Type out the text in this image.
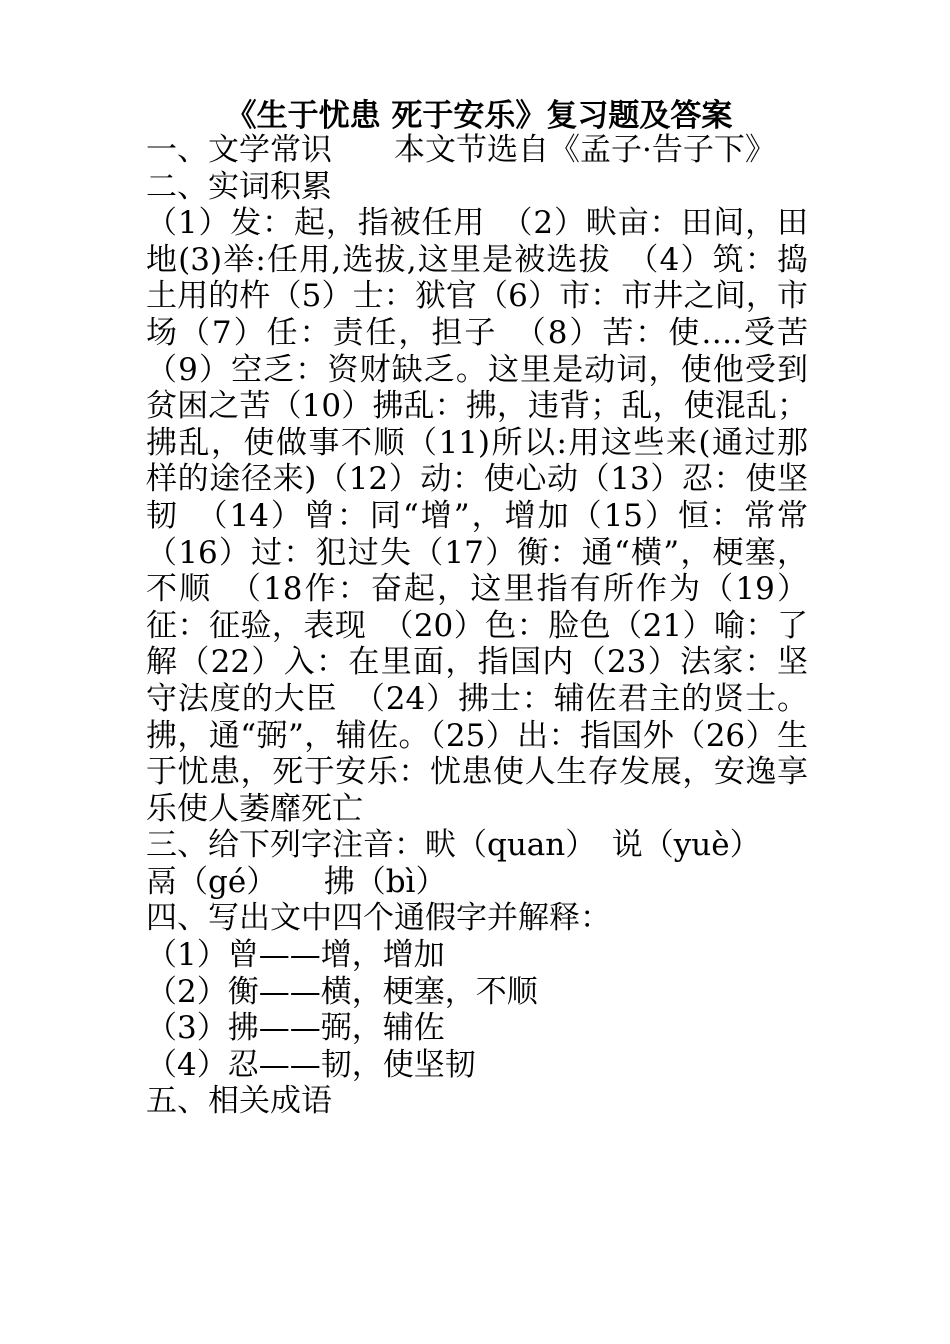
《生于忧患 死于安乐》复习题及答案

一、文学常识　　本文节选自《孟子·告子下》

二、实词积累

（1）发：起，指被任用　（2）畎亩：田间，田地(3)举:任用,选拔,这里是被选拔　（4）筑：捣土用的杵（5）士：狱官（6）市：市井之间，市场（7）任：责任，担子　（8）苦：使….受苦（9）空乏：资财缺乏。这里是动词，使他受到贫困之苦（10）拂乱：拂，违背；乱，使混乱；拂乱，使做事不顺（11)所以:用这些来(通过那样的途径来)（12）动：使心动（13）忍：使坚韧　（14）曾：同“增”，增加（15）恒：常常　（16）过：犯过失（17）衡：通“横”，梗塞，不顺　（18作：奋起，这里指有所作为（19）征：征验，表现　（20）色：脸色（21）喻：了解（22）入：在里面，指国内（23）法家：坚守法度的大臣　（24）拂士：辅佐君主的贤士。拂，通“弼”，辅佐。（25）出：指国外（26）生于忧患，死于安乐：忧患使人生存发展，安逸享乐使人萎靡死亡

三、给下列字注音：畎（quan）　说（yuè）

鬲（gé）　　拂（bì）

四、写出文中四个通假字并解释：

（1）曾——增，增加

（2）衡——横，梗塞，不顺

（3）拂——弼，辅佐

（4）忍——韧，使坚韧

五、相关成语
